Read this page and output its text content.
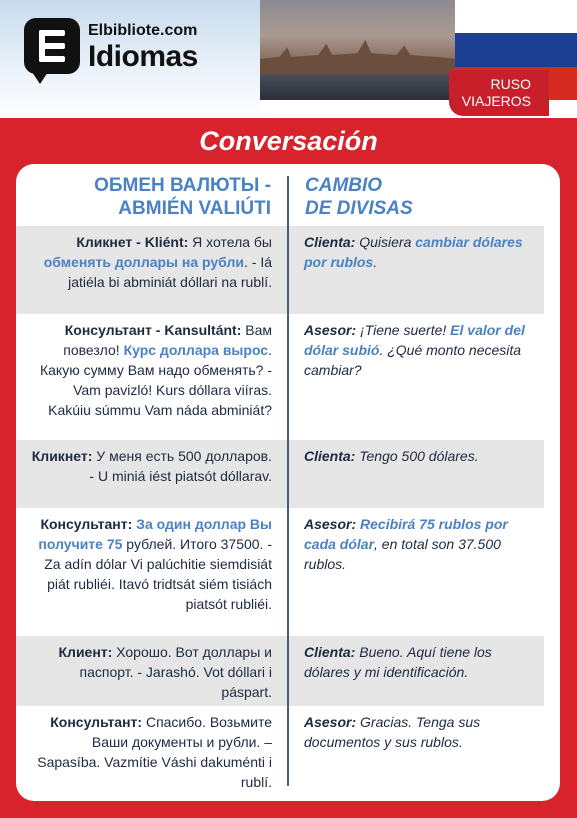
Elbibliote.com
Idiomas
RUSO
VIAJEROS
Conversación
ОБМЕН ВАЛЮТЫ -
ABMIÉN VALIÚTI
CAMBIO
DE DIVISAS
Кликнет - Kliént: Я хотела бы обменять доллары на рубли. - Iá jatiéla bi abminiát dóllari na rublí.
Clienta: Quisiera cambiar dólares por rublos.
Консультант - Kansultánt: Вам повезло! Курс доллара вырос. Какую сумму Вам надо обменять? - Vam pavizló! Kurs dóllara viíras. Kakúiu súmmu Vam náda abminiát?
Asesor: ¡Tiene suerte! El valor del dólar subió. ¿Qué monto necesita cambiar?
Кликнет: У меня есть 500 долларов. - U miniá iést piatsót dóllarav.
Clienta: Tengo 500 dólares.
Консультант: За один доллар Вы получите 75 рублей. Итого 37500. - Za adín dólar Vi palúchitie siemdisiát piát rubliéi. Itavó tridtsát siém tisiách piatsót rubliéi.
Asesor: Recibirá 75 rublos por cada dólar, en total son 37.500 rublos.
Клиент: Хорошо. Вот доллары и паспорт. - Jarashó. Vot dóllari i páspart.
Clienta: Bueno. Aquí tiene los dólares y mi identificación.
Консультант: Спасибо. Возьмите Ваши документы и рубли. – Sapasíba. Vazmítie Váshi dakuménti i rublí.
Asesor: Gracias. Tenga sus documentos y sus rublos.
